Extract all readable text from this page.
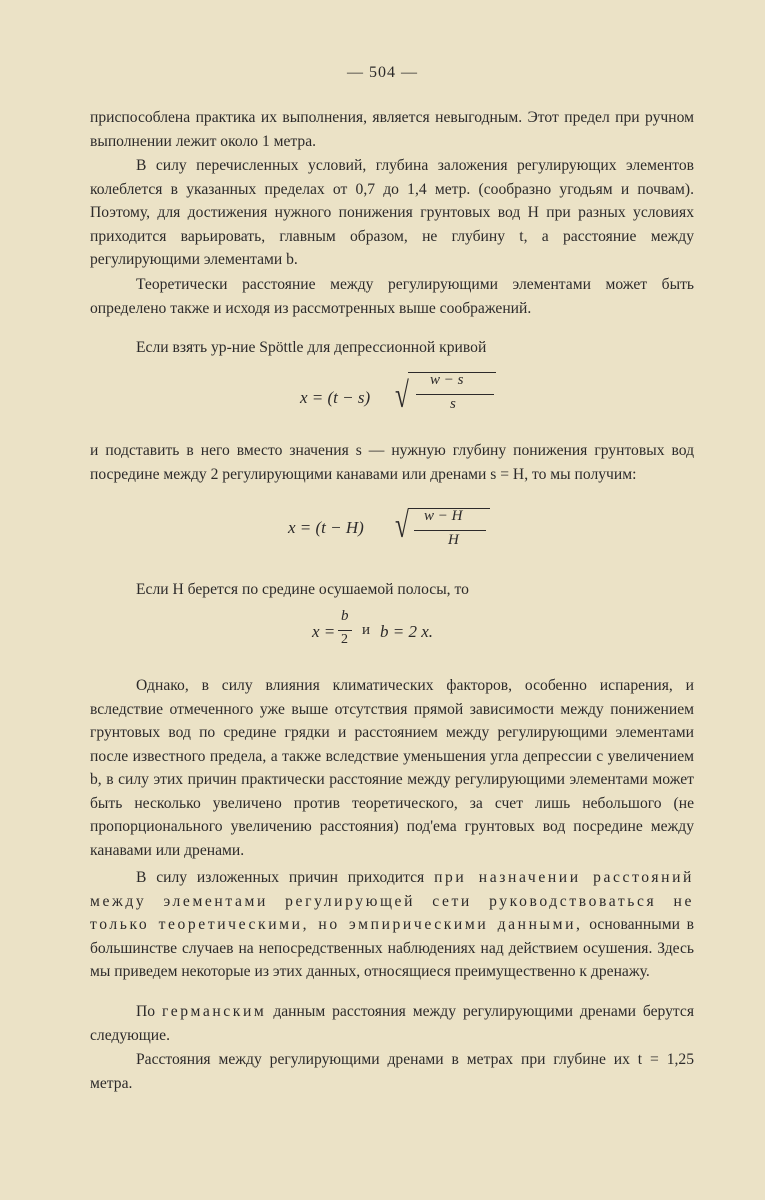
— 504 —
приспособлена практика их выполнения, является невыгодным. Этот предел при ручном выполнении лежит около 1 метра.
В силу перечисленных условий, глубина заложения регулирующих элементов колеблется в указанных пределах от 0,7 до 1,4 метр. (сообразно угодьям и почвам). Поэтому, для достижения нужного понижения грунтовых вод H при разных условиях приходится варьировать, главным образом, не глубину t, а расстояние между регулирующими элементами b.
Теоретически расстояние между регулирующими элементами может быть определено также и исходя из рассмотренных выше соображений.
Если взять ур-ние Spöttle для депрессионной кривой
x = (t − s) √ w − s
s
и подставить в него вместо значения s — нужную глубину понижения грунтовых вод посредине между 2 регулирующими канавами или дренами s = H, то мы получим:
x = (t − H) √ w − H
H
Если H берется по средине осушаемой полосы, то
x =
b
2
и b = 2 x.
Однако, в силу влияния климатических факторов, особенно испарения, и вследствие отмеченного уже выше отсутствия прямой зависимости между понижением грунтовых вод по средине грядки и расстоянием между регулирующими элементами после известного предела, а также вследствие уменьшения угла депрессии с увеличением b, в силу этих причин практически расстояние между регулирующими элементами может быть несколько увеличено против теоретического, за счет лишь небольшого (не пропорционального увеличению расстояния) под'ема грунтовых вод посредине между канавами или дренами.
В силу изложенных причин приходится при назначении расстояний между элементами регулирующей сети руководствоваться не только теоретическими, но эмпирическими данными, основанными в большинстве случаев на непосредственных наблюдениях над действием осушения. Здесь мы приведем некоторые из этих данных, относящиеся преимущественно к дренажу.
По германским данным расстояния между регулирующими дренами берутся следующие.
Расстояния между регулирующими дренами в метрах при глубине их t = 1,25 метра.
